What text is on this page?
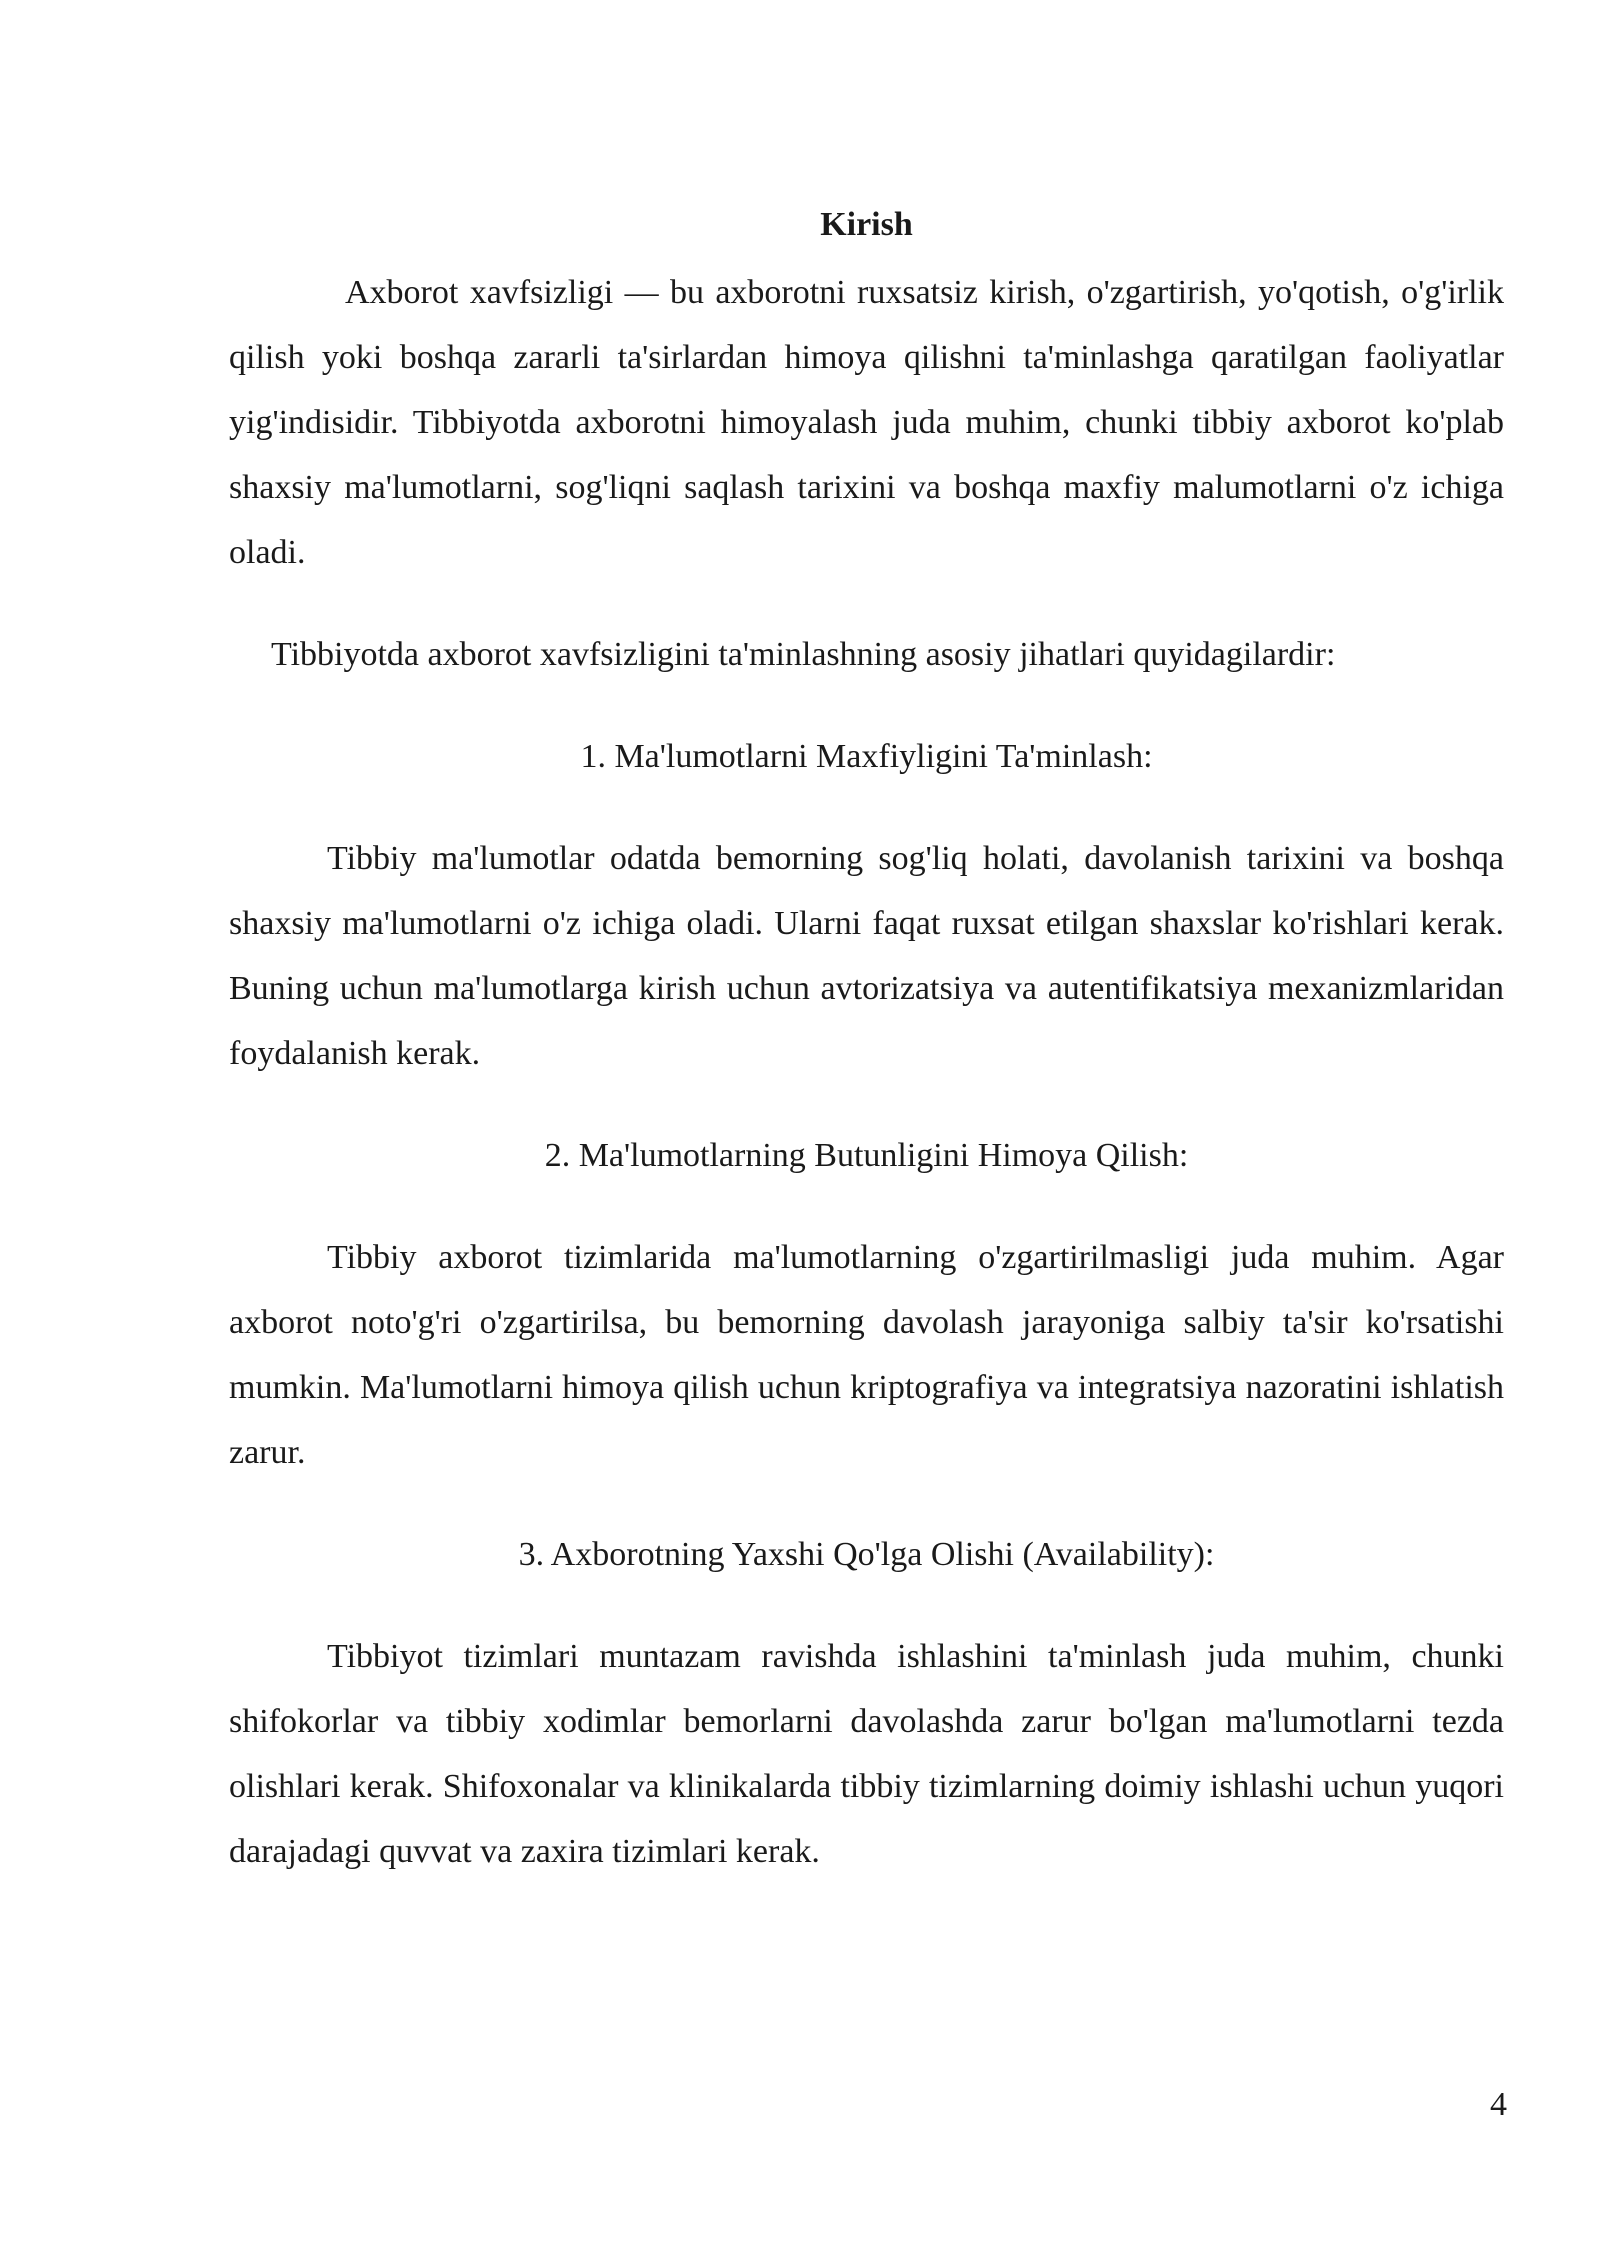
Kirish

Axborot xavfsizligi — bu axborotni ruxsatsiz kirish, o'zgartirish, yo'qotish, o'g'irlik qilish yoki boshqa zararli ta'sirlardan himoya qilishni ta'minlashga qaratilgan faoliyatlar yig'indisidir. Tibbiyotda axborotni himoyalash juda muhim, chunki tibbiy axborot ko'plab shaxsiy ma'lumotlarni, sog'liqni saqlash tarixini va boshqa maxfiy malumotlarni o'z ichiga oladi.

Tibbiyotda axborot xavfsizligini ta'minlashning asosiy jihatlari quyidagilardir:

1. Ma'lumotlarni Maxfiyligini Ta'minlash:

Tibbiy ma'lumotlar odatda bemorning sog'liq holati, davolanish tarixini va boshqa shaxsiy ma'lumotlarni o'z ichiga oladi. Ularni faqat ruxsat etilgan shaxslar ko'rishlari kerak. Buning uchun ma'lumotlarga kirish uchun avtorizatsiya va autentifikatsiya mexanizmlaridan foydalanish kerak.

2. Ma'lumotlarning Butunligini Himoya Qilish:

Tibbiy axborot tizimlarida ma'lumotlarning o'zgartirilmasligi juda muhim. Agar axborot noto'g'ri o'zgartirilsa, bu bemorning davolash jarayoniga salbiy ta'sir ko'rsatishi mumkin. Ma'lumotlarni himoya qilish uchun kriptografiya va integratsiya nazoratini ishlatish zarur.

3. Axborotning Yaxshi Qo'lga Olishi (Availability):

Tibbiyot tizimlari muntazam ravishda ishlashini ta'minlash juda muhim, chunki shifokorlar va tibbiy xodimlar bemorlarni davolashda zarur bo'lgan ma'lumotlarni tezda olishlari kerak. Shifoxonalar va klinikalarda tibbiy tizimlarning doimiy ishlashi uchun yuqori darajadagi quvvat va zaxira tizimlari kerak.

4
